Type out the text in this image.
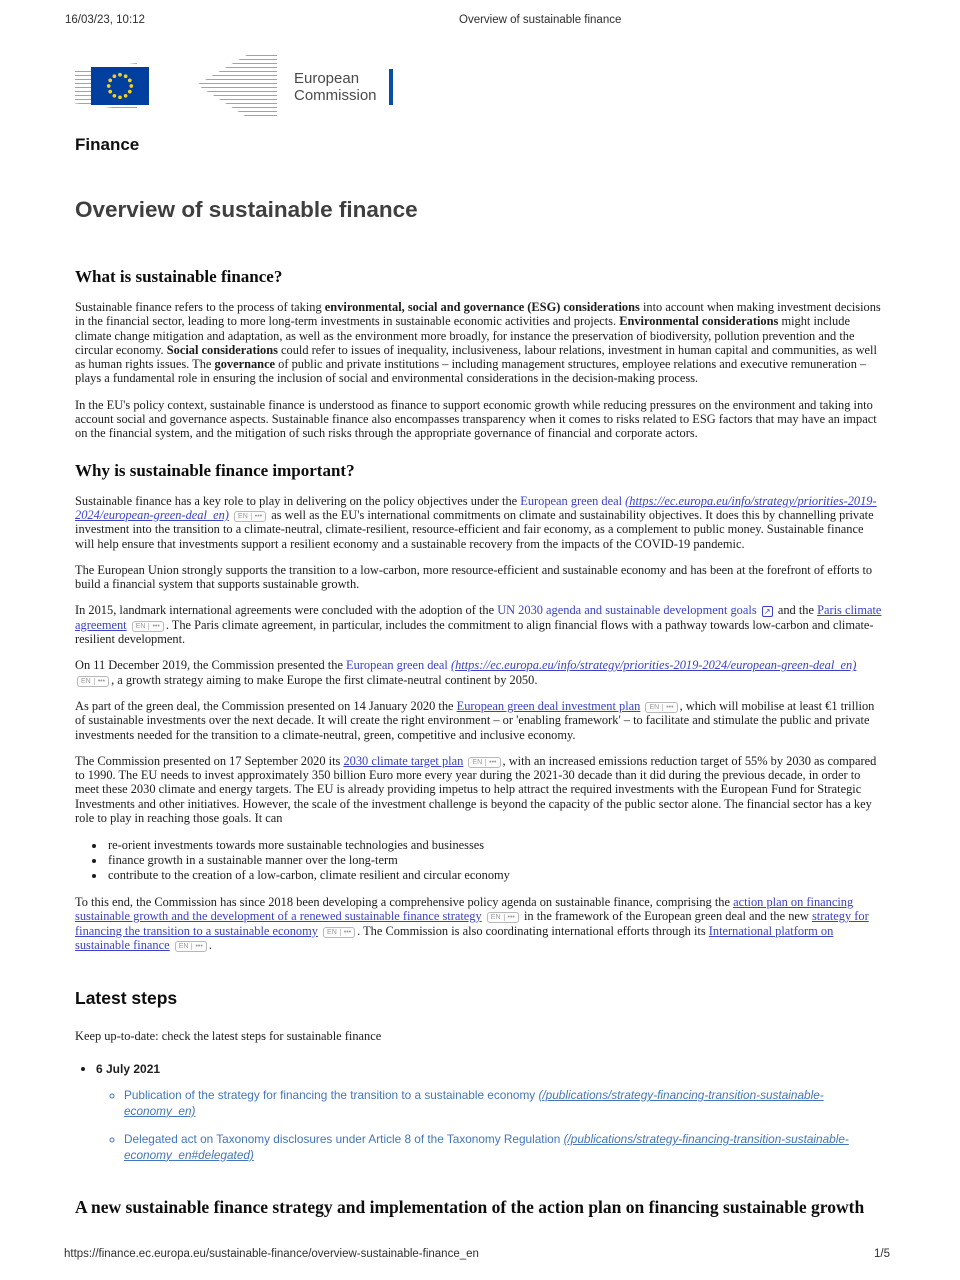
16/03/23, 10:12	Overview of sustainable finance
European
Commission
Finance
Overview of sustainable finance
What is sustainable finance?

Sustainable finance refers to the process of taking environmental, social and governance (ESG) considerations into account when making investment decisions in the financial sector, leading to more long-term investments in sustainable economic activities and projects. Environmental considerations might include climate change mitigation and adaptation, as well as the environment more broadly, for instance the preservation of biodiversity, pollution prevention and the circular economy. Social considerations could refer to issues of inequality, inclusiveness, labour relations, investment in human capital and communities, as well as human rights issues. The governance of public and private institutions – including management structures, employee relations and executive remuneration – plays a fundamental role in ensuring the inclusion of social and environmental considerations in the decision-making process.

In the EU's policy context, sustainable finance is understood as finance to support economic growth while reducing pressures on the environment and taking into account social and governance aspects. Sustainable finance also encompasses transparency when it comes to risks related to ESG factors that may have an impact on the financial system, and the mitigation of such risks through the appropriate governance of financial and corporate actors.

Why is sustainable finance important?

Sustainable finance has a key role to play in delivering on the policy objectives under the European green deal (https://ec.europa.eu/info/strategy/priorities-2019-2024/european-green-deal_en) EN ••• as well as the EU's international commitments on climate and sustainability objectives. It does this by channelling private investment into the transition to a climate-neutral, climate-resilient, resource-efficient and fair economy, as a complement to public money. Sustainable finance will help ensure that investments support a resilient economy and a sustainable recovery from the impacts of the COVID-19 pandemic.

The European Union strongly supports the transition to a low-carbon, more resource-efficient and sustainable economy and has been at the forefront of efforts to build a financial system that supports sustainable growth.

In 2015, landmark international agreements were concluded with the adoption of the UN 2030 agenda and sustainable development goals ↗ and the Paris climate agreement EN ••• . The Paris climate agreement, in particular, includes the commitment to align financial flows with a pathway towards low-carbon and climate-resilient development.

On 11 December 2019, the Commission presented the European green deal (https://ec.europa.eu/info/strategy/priorities-2019-2024/european-green-deal_en) EN ••• , a growth strategy aiming to make Europe the first climate-neutral continent by 2050.

As part of the green deal, the Commission presented on 14 January 2020 the European green deal investment plan EN ••• , which will mobilise at least €1 trillion of sustainable investments over the next decade. It will create the right environment – or 'enabling framework' – to facilitate and stimulate the public and private investments needed for the transition to a climate-neutral, green, competitive and inclusive economy.

The Commission presented on 17 September 2020 its 2030 climate target plan EN ••• , with an increased emissions reduction target of 55% by 2030 as compared to 1990. The EU needs to invest approximately 350 billion Euro more every year during the 2021-30 decade than it did during the previous decade, in order to meet these 2030 climate and energy targets. The EU is already providing impetus to help attract the required investments with the European Fund for Strategic Investments and other initiatives. However, the scale of the investment challenge is beyond the capacity of the public sector alone. The financial sector has a key role to play in reaching those goals. It can

• re-orient investments towards more sustainable technologies and businesses
• finance growth in a sustainable manner over the long-term
• contribute to the creation of a low-carbon, climate resilient and circular economy

To this end, the Commission has since 2018 been developing a comprehensive policy agenda on sustainable finance, comprising the action plan on financing sustainable growth and the development of a renewed sustainable finance strategy EN ••• in the framework of the European green deal and the new strategy for financing the transition to a sustainable economy EN ••• . The Commission is also coordinating international efforts through its International platform on sustainable finance EN ••• .

Latest steps

Keep up-to-date: check the latest steps for sustainable finance

• 6 July 2021
◦ Publication of the strategy for financing the transition to a sustainable economy (/publications/strategy-financing-transition-sustainable-economy_en)
◦ Delegated act on Taxonomy disclosures under Article 8 of the Taxonomy Regulation (/publications/strategy-financing-transition-sustainable-economy_en#delegated)
A new sustainable finance strategy and implementation of the action plan on financing sustainable growth
https://finance.ec.europa.eu/sustainable-finance/overview-sustainable-finance_en	1/5
